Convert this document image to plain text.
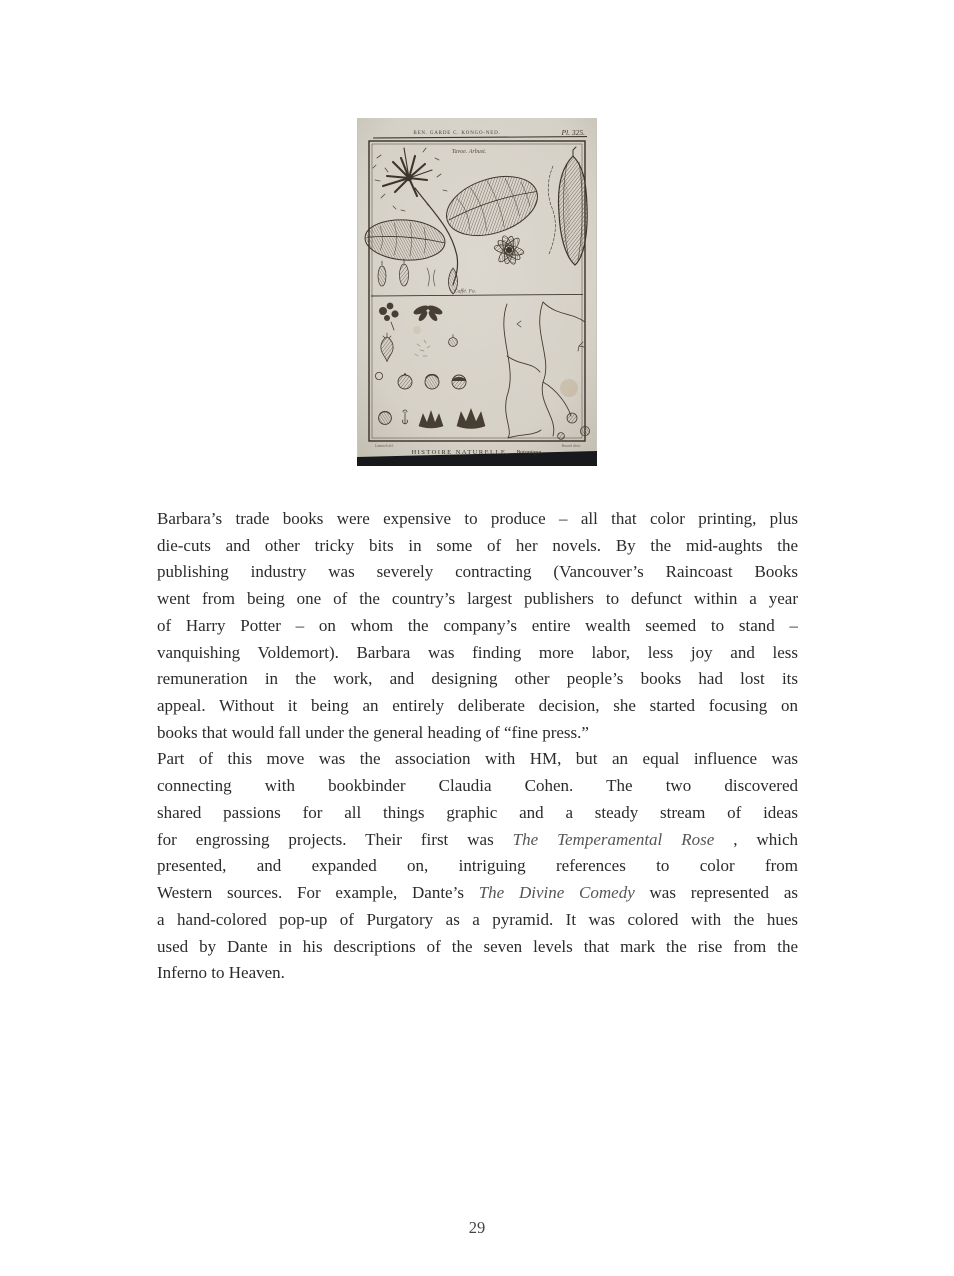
BEN. GARDE C. KONGO-NED.	Pl. 325.
Tavoe. Arbust.
Caffé. Fa.
Lamarck del.	Benard direx.
HISTOIRE NATURELLE, Botanique.
Barbara’s trade books were expensive to produce – all that color printing, plus
die-cuts and other tricky bits in some of her novels. By the mid-aughts the
publishing industry was severely contracting (Vancouver’s Raincoast Books
went from being one of the country’s largest publishers to defunct within a year
of Harry Potter – on whom the company’s entire wealth seemed to stand –
vanquishing Voldemort). Barbara was finding more labor, less joy and less
remuneration in the work, and designing other people’s books had lost its
appeal. Without it being an entirely deliberate decision, she started focusing on
books that would fall under the general heading of “fine press.”
Part of this move was the association with HM, but an equal influence was
connecting with bookbinder Claudia Cohen. The two discovered
shared passions for all things graphic and a steady stream of ideas
for engrossing projects. Their first was The Temperamental Rose , which
presented, and expanded on, intriguing references to color from
Western sources. For example, Dante’s The Divine Comedy was represented as
a hand-colored pop-up of Purgatory as a pyramid. It was colored with the hues
used by Dante in his descriptions of the seven levels that mark the rise from the
Inferno to Heaven.
29
